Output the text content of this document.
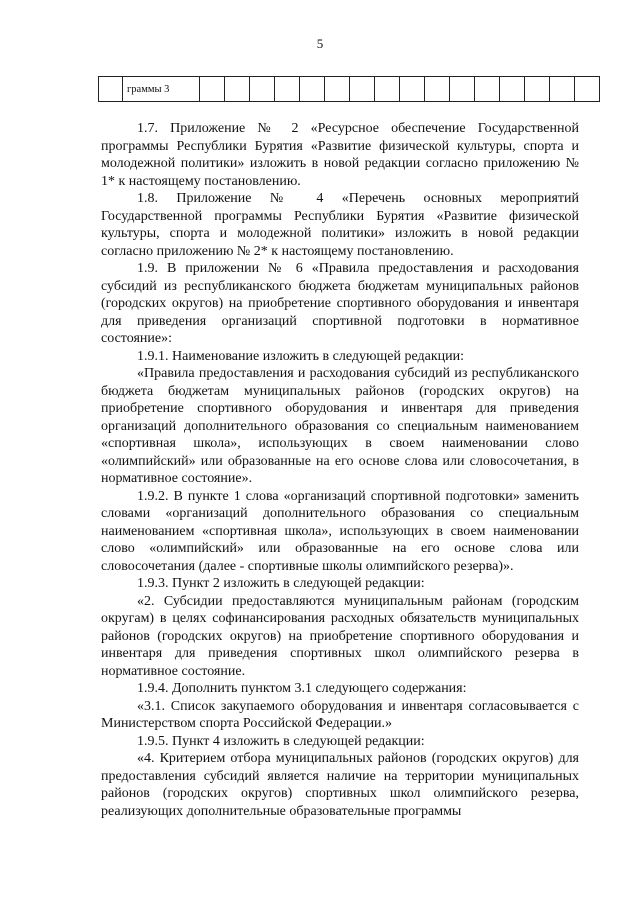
5
	граммы 3																

1.7. Приложение № 2 «Ресурсное обеспечение Государственной программы Республики Бурятия «Развитие физической культуры, спорта и молодежной политики» изложить в новой редакции согласно приложению № 1* к настоящему постановлению.

1.8. Приложение № 4 «Перечень основных мероприятий Государственной программы Республики Бурятия «Развитие физической культуры, спорта и молодежной политики» изложить в новой редакции согласно приложению № 2* к настоящему постановлению.

1.9. В приложении № 6 «Правила предоставления и расходования субсидий из республиканского бюджета бюджетам муниципальных районов (городских округов) на приобретение спортивного оборудования и инвентаря для приведения организаций спортивной подготовки в нормативное состояние»:

1.9.1. Наименование изложить в следующей редакции:

«Правила предоставления и расходования субсидий из республиканского бюджета бюджетам муниципальных районов (городских округов) на приобретение спортивного оборудования и инвентаря для приведения организаций дополнительного образования со специальным наименованием «спортивная школа», использующих в своем наименовании слово «олимпийский» или образованные на его основе слова или словосочетания, в нормативное состояние».

1.9.2. В пункте 1 слова «организаций спортивной подготовки» заменить словами «организаций дополнительного образования со специальным наименованием «спортивная школа», использующих в своем наименовании слово «олимпийский» или образованные на его основе слова или словосочетания (далее - спортивные школы олимпийского резерва)».

1.9.3. Пункт 2 изложить в следующей редакции:

«2. Субсидии предоставляются муниципальным районам (городским округам) в целях софинансирования расходных обязательств муниципальных районов (городских округов) на приобретение спортивного оборудования и инвентаря для приведения спортивных школ олимпийского резерва в нормативное состояние.

1.9.4. Дополнить пунктом 3.1 следующего содержания:

«3.1. Список закупаемого оборудования и инвентаря согласовывается с Министерством спорта Российской Федерации.»

1.9.5. Пункт 4 изложить в следующей редакции:

«4. Критерием отбора муниципальных районов (городских округов) для предоставления субсидий является наличие на территории муниципальных районов (городских округов) спортивных школ олимпийского резерва, реализующих дополнительные образовательные программы
